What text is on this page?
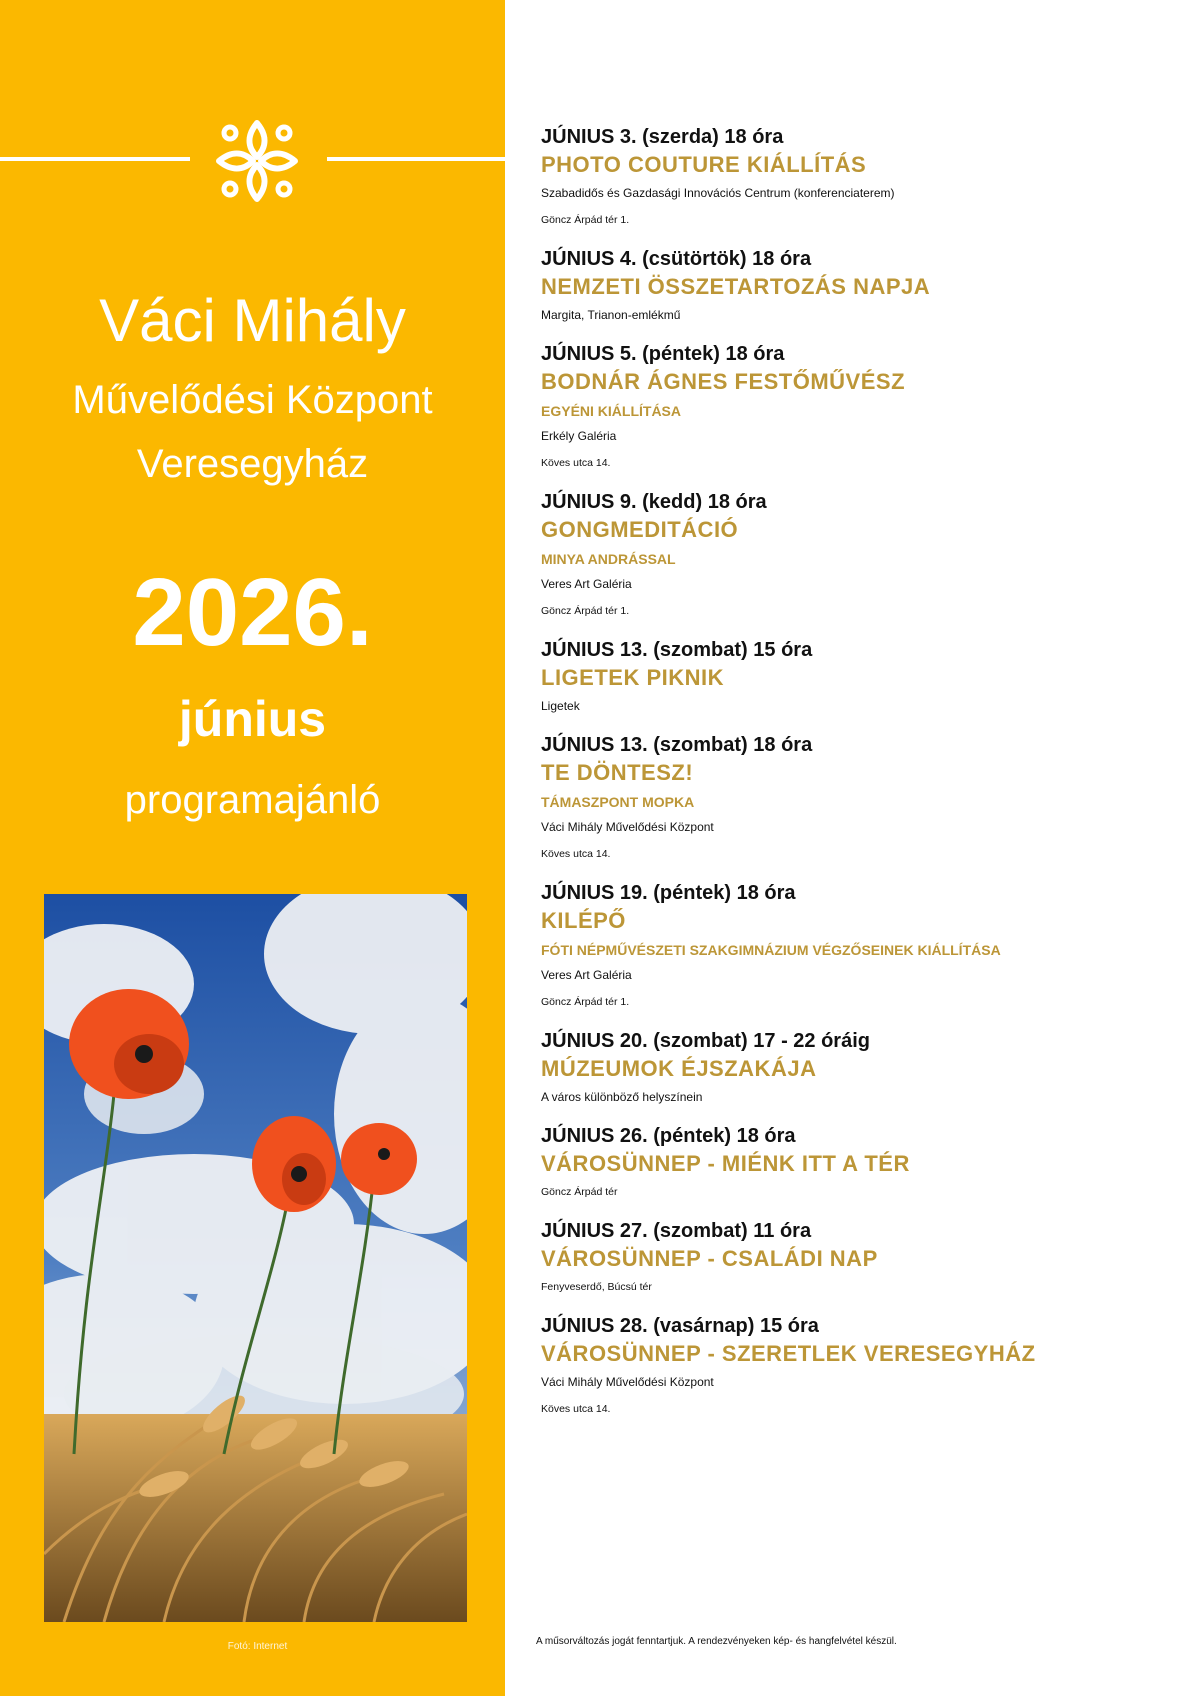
Váci Mihály
Művelődési Központ
Veresegyház
2026.
június
programajánló
Fotó: Internet
JÚNIUS 3. (szerda) 18 óra
PHOTO COUTURE KIÁLLÍTÁS
Szabadidős és Gazdasági Innovációs Centrum (konferenciaterem)
Göncz Árpád tér 1.
JÚNIUS 4. (csütörtök) 18 óra
NEMZETI ÖSSZETARTOZÁS NAPJA
Margita, Trianon-emlékmű
JÚNIUS 5. (péntek) 18 óra
BODNÁR ÁGNES FESTŐMŰVÉSZ
EGYÉNI KIÁLLÍTÁSA
Erkély Galéria
Köves utca 14.
JÚNIUS 9. (kedd) 18 óra
GONGMEDITÁCIÓ
MINYA ANDRÁSSAL
Veres Art Galéria
Göncz Árpád tér 1.
JÚNIUS 13. (szombat) 15 óra
LIGETEK PIKNIK
Ligetek
JÚNIUS 13. (szombat) 18 óra
TE DÖNTESZ!
TÁMASZPONT MOPKA
Váci Mihály Művelődési Központ
Köves utca 14.
JÚNIUS 19. (péntek) 18 óra
KILÉPŐ
FÓTI NÉPMŰVÉSZETI SZAKGIMNÁZIUM VÉGZŐSEINEK KIÁLLÍTÁSA
Veres Art Galéria
Göncz Árpád tér 1.
JÚNIUS 20. (szombat) 17 - 22 óráig
MÚZEUMOK ÉJSZAKÁJA
A város különböző helyszínein
JÚNIUS 26. (péntek) 18 óra
VÁROSÜNNEP - MIÉNK ITT A TÉR
Göncz Árpád tér
JÚNIUS 27. (szombat) 11 óra
VÁROSÜNNEP - CSALÁDI NAP
Fenyveserdő, Búcsú tér
JÚNIUS 28. (vasárnap) 15 óra
VÁROSÜNNEP - SZERETLEK VERESEGYHÁZ
Váci Mihály Művelődési Központ
Köves utca 14.
A műsorváltozás jogát fenntartjuk. A rendezvényeken kép- és hangfelvétel készül.
